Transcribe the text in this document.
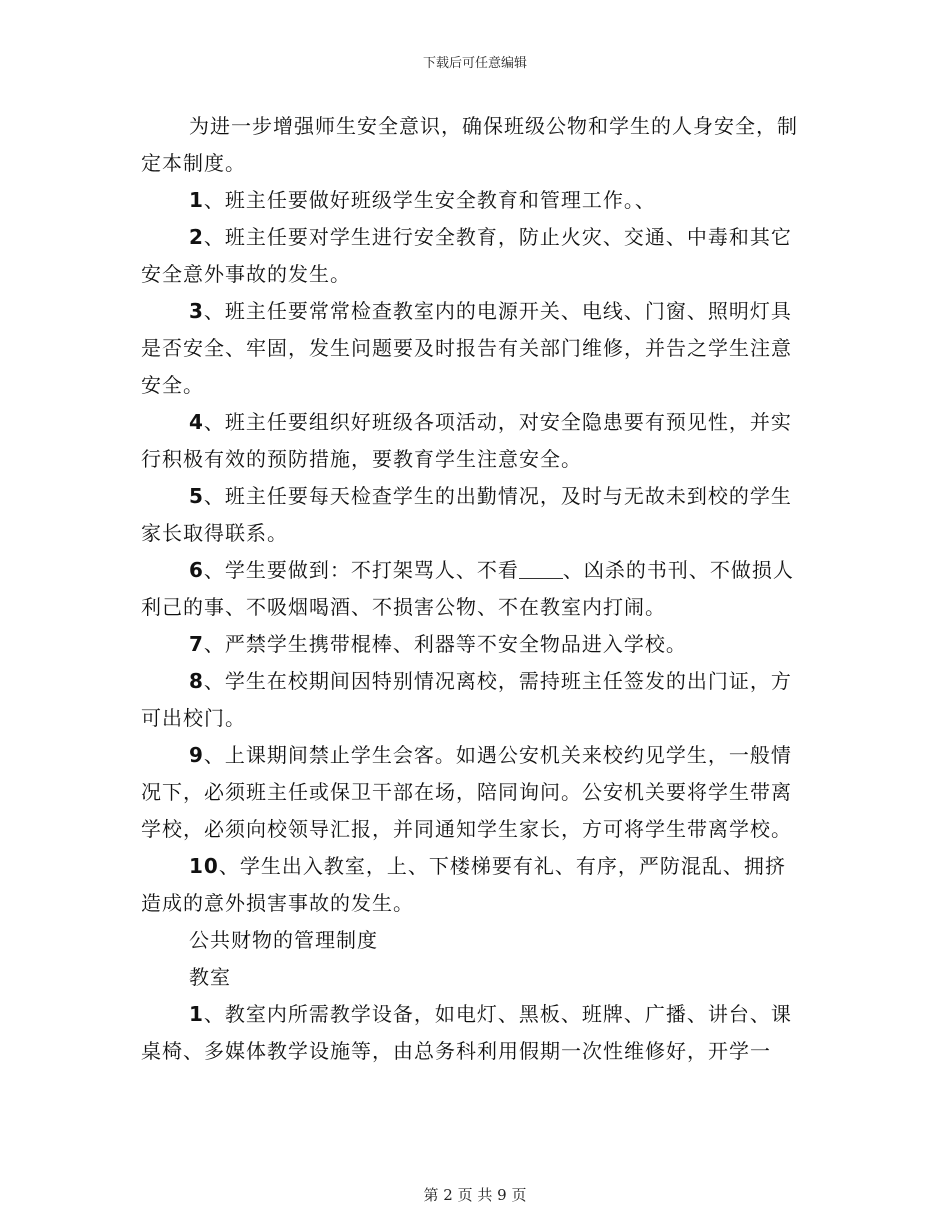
下载后可任意编辑

为进一步增强师生安全意识，确保班级公物和学生的人身安全，制定本制度。

1、班主任要做好班级学生安全教育和管理工作。、

2、班主任要对学生进行安全教育，防止火灾、交通、中毒和其它安全意外事故的发生。

3、班主任要常常检查教室内的电源开关、电线、门窗、照明灯具是否安全、牢固，发生问题要及时报告有关部门维修，并告之学生注意安全。

4、班主任要组织好班级各项活动，对安全隐患要有预见性，并实行积极有效的预防措施，要教育学生注意安全。

5、班主任要每天检查学生的出勤情况，及时与无故未到校的学生家长取得联系。

6、学生要做到：不打架骂人、不看 、凶杀的书刊、不做损人利己的事、不吸烟喝酒、不损害公物、不在教室内打闹。

7、严禁学生携带棍棒、利器等不安全物品进入学校。

8、学生在校期间因特别情况离校，需持班主任签发的出门证，方可出校门。

9、上课期间禁止学生会客。如遇公安机关来校约见学生，一般情况下，必须班主任或保卫干部在场，陪同询问。公安机关要将学生带离学校，必须向校领导汇报，并同通知学生家长，方可将学生带离学校。

10、学生出入教室，上、下楼梯要有礼、有序，严防混乱、拥挤造成的意外损害事故的发生。

公共财物的管理制度

教室

1、教室内所需教学设备，如电灯、黑板、班牌、广播、讲台、课桌椅、多媒体教学设施等，由总务科利用假期一次性维修好，开学一

第 2 页 共 9 页
